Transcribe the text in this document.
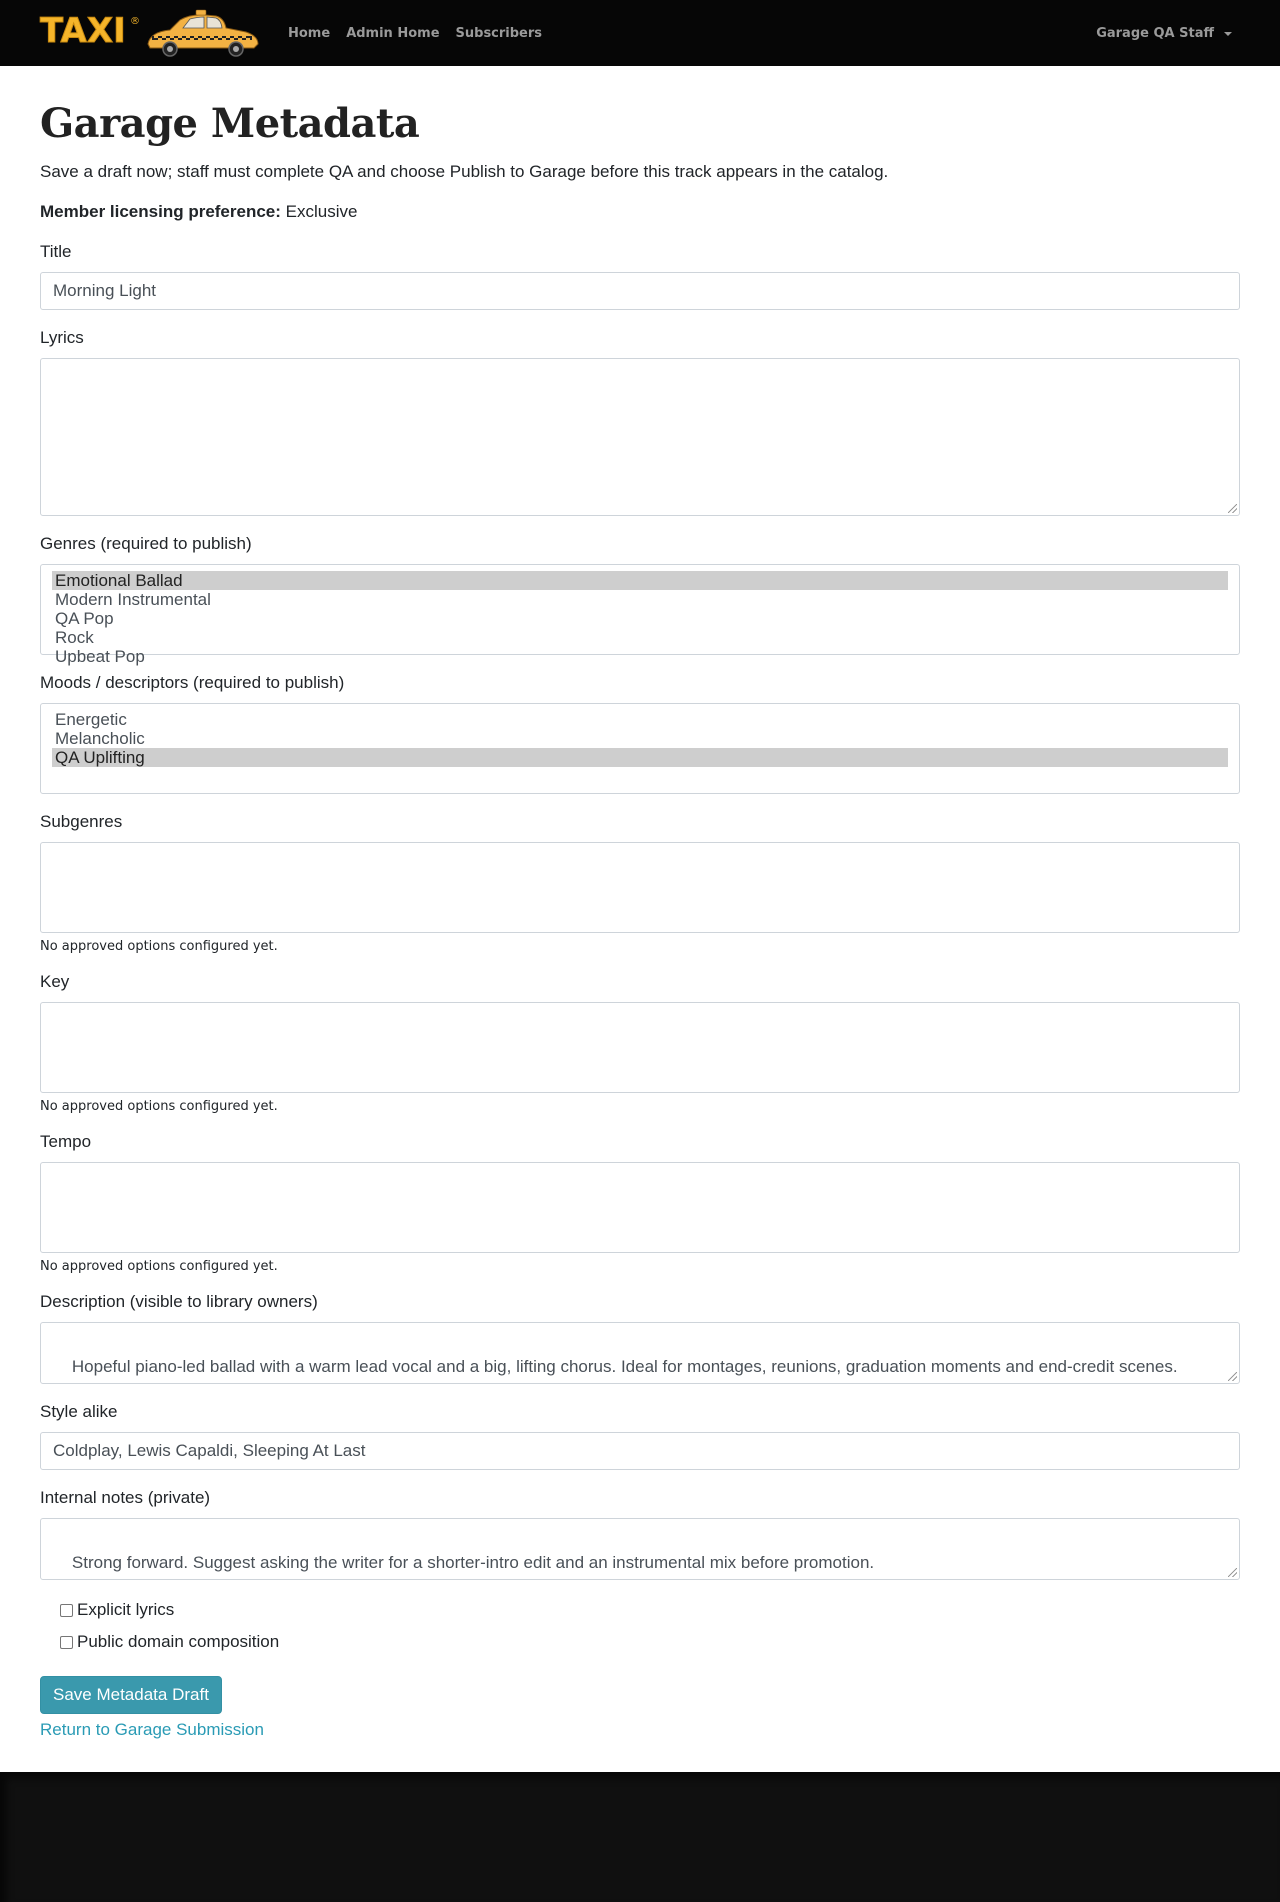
TAXI ®
Home Admin Home Subscribers	Garage QA Staff
Garage Metadata

Save a draft now; staff must complete QA and choose Publish to Garage before this track appears in the catalog.

Member licensing preference: Exclusive

Title
Morning Light
Lyrics

Genres (required to publish)
Emotional Ballad
Modern Instrumental
QA Pop
Rock
Upbeat Pop
Moods / descriptors (required to publish)
Energetic
Melancholic
QA Uplifting
Subgenres
No approved options configured yet.
Key
No approved options configured yet.
Tempo
No approved options configured yet.
Description (visible to library owners)

Hopeful piano-led ballad with a warm lead vocal and a big, lifting chorus. Ideal for montages, reunions, graduation moments and end-credit scenes.

Style alike
Coldplay, Lewis Capaldi, Sleeping At Last
Internal notes (private)

Strong forward. Suggest asking the writer for a shorter-intro edit and an instrumental mix before promotion.

Explicit lyrics
Public domain composition
Save Metadata Draft
Return to Garage Submission
